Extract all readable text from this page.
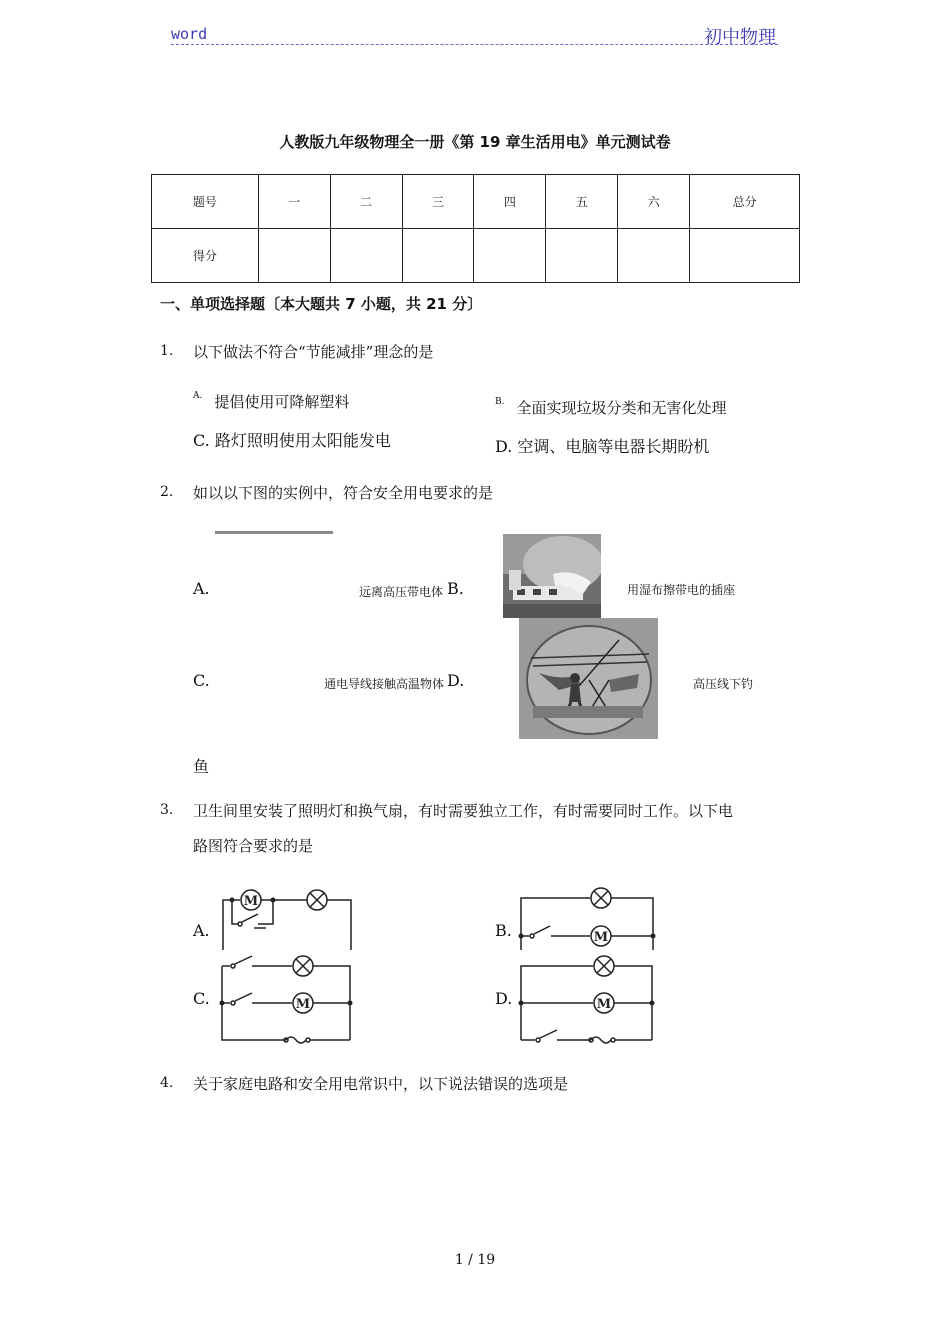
word	初中物理
人教版九年级物理全一册《第 19 章生活用电》单元测试卷
题号	一	二	三	四	五	六	总分
得分							
一、单项选择题〔本大题共 7 小题，共 21 分〕
1. 以下做法不符合“节能减排”理念的是
$^{A.}$ 提倡使用可降解塑料	$^{B.}$ 全面实现垃圾分类和无害化处理
C. 路灯照明使用太阳能发电	D. 空调、电脑等电器长期盼机
2. 如以以下图的实例中，符合安全用电要求的是
A.	远离高压带电体 B.	用湿布擦带电的插座
C.	通电导线接触高温物体 D.	高压线下钓
鱼
3. 卫生间里安装了照明灯和换气扇，有时需要独立工作，有时需要同时工作。以下电
路图符合要求的是
A.
M
B.	M
C.	M	D.	M
4. 关于家庭电路和安全用电常识中，以下说法错误的选项是
1 / 19
